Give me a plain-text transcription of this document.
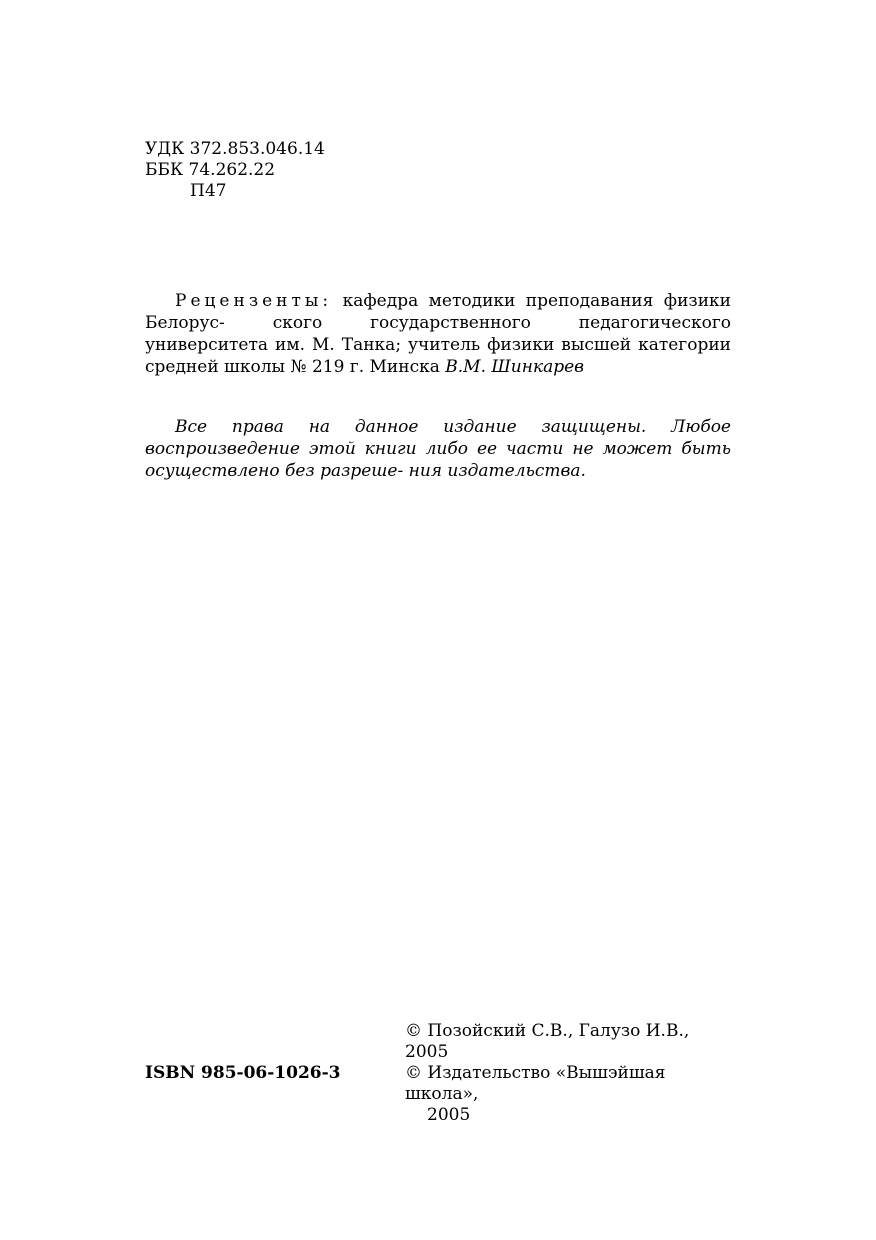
УДК 372.853.046.14
ББК 74.262.22
П47
Рецензенты: кафедра методики преподавания физики Белорус-	ского государственного педагогического университета им. М. Танка; учитель физики высшей категории средней школы № 219 г. Минска В.М. Шинкарев
Все права на данное издание защищены. Любое воспроизведение этой книги либо ее части не может быть осуществлено без разреше- ния издательства.
ISBN 985-06-1026-3
© Позойский С.В., Галузо И.В., 2005
© Издательство «Вышэйшая школа»,
2005
